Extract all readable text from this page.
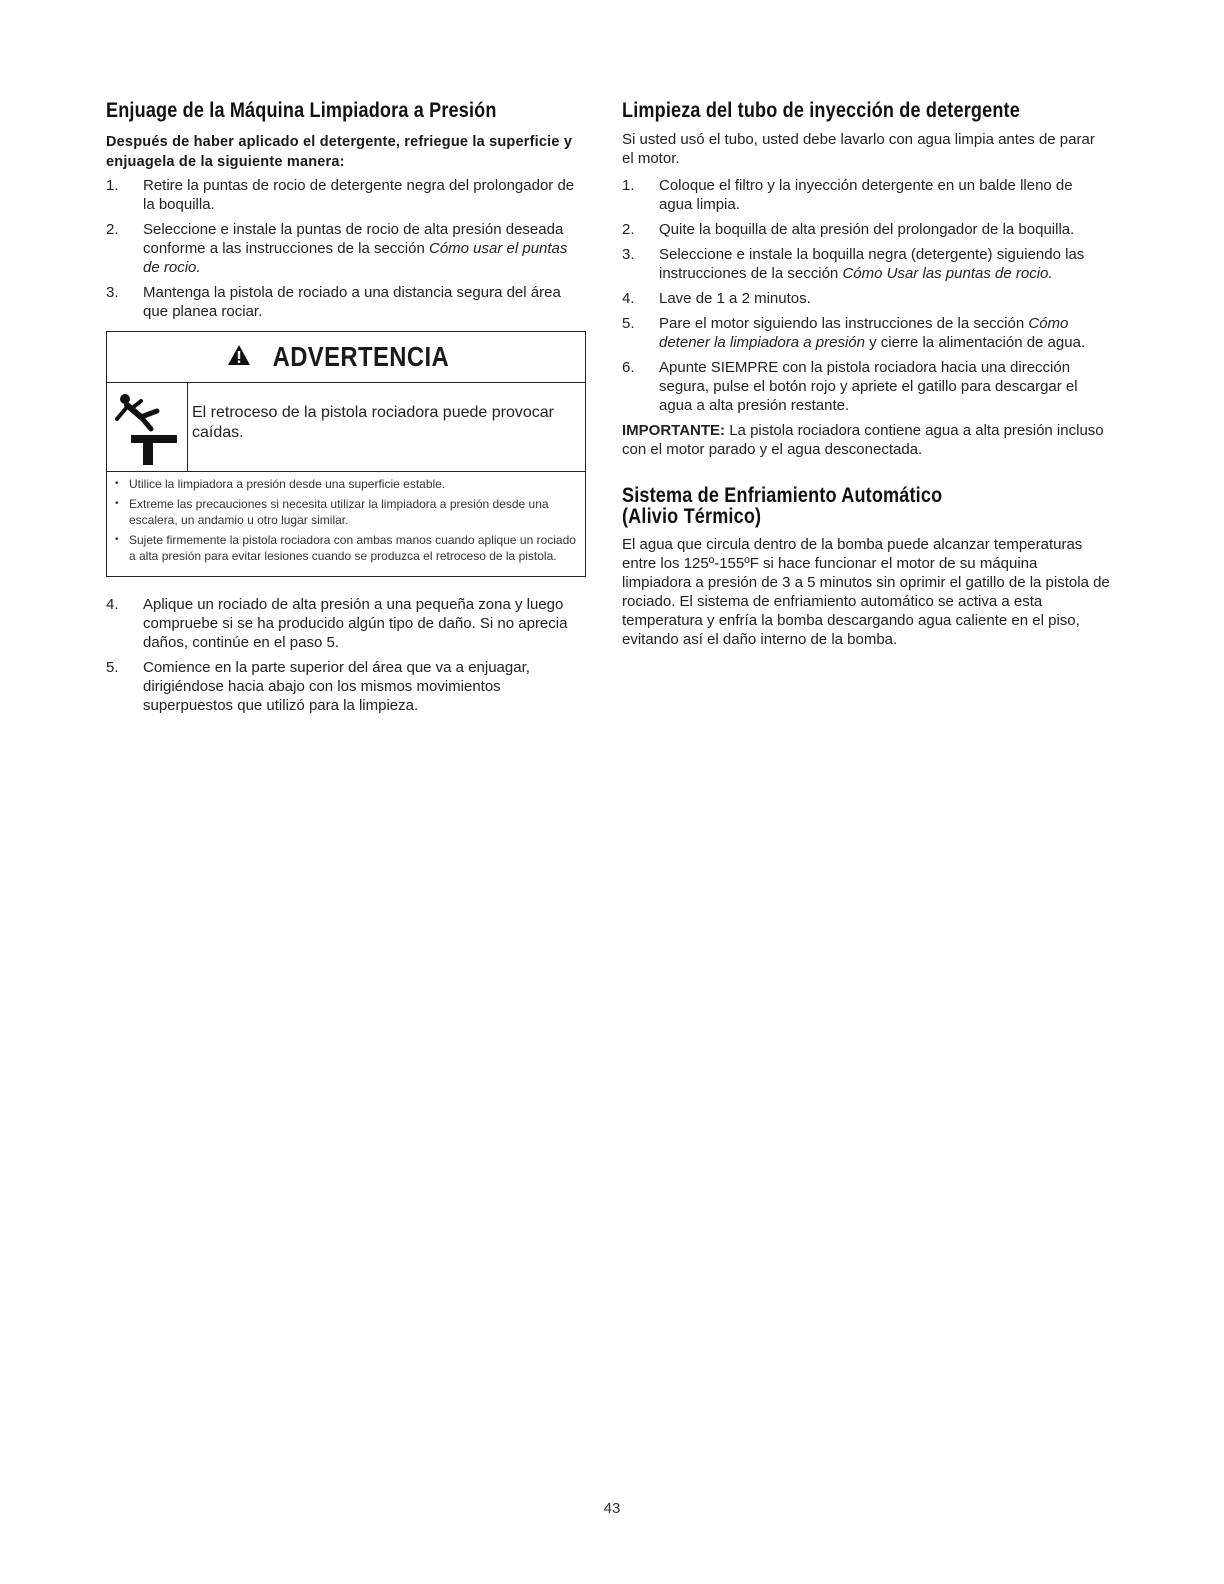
Enjuage de la Máquina Limpiadora a Presión
Después de haber aplicado el detergente, refriegue la superficie y enjuagela de la siguiente manera:
1.	Retire la puntas de rocio de detergente negra del prolongador de la boquilla.
2.	Seleccione e instale la puntas de rocio de alta presión deseada conforme a las instrucciones de la sección Cómo usar el puntas de rocio.
3.	Mantenga la pistola de rociado a una distancia segura del área que planea rociar.
ADVERTENCIA
El retroceso de la pistola rociadora puede provocar caídas.
• Utilice la limpiadora a presión desde una superficie estable.
• Extreme las precauciones si necesita utilizar la limpiadora a presión desde una escalera, un andamio u otro lugar similar.
• Sujete firmemente la pistola rociadora con ambas manos cuando aplique un rociado a alta presión para evitar lesiones cuando se produzca el retroceso de la pistola.
4.	Aplique un rociado de alta presión a una pequeña zona y luego compruebe si se ha producido algún tipo de daño. Si no aprecia daños, continúe en el paso 5.
5.	Comience en la parte superior del área que va a enjuagar, dirigiéndose hacia abajo con los mismos movimientos superpuestos que utilizó para la limpieza.
Limpieza del tubo de inyección de detergente

Si usted usó el tubo, usted debe lavarlo con agua limpia antes de parar el motor.

1.	Coloque el filtro y la inyección detergente en un balde lleno de agua limpia.
2.	Quite la boquilla de alta presión del prolongador de la boquilla.
3.	Seleccione e instale la boquilla negra (detergente) siguiendo las instrucciones de la sección Cómo Usar las puntas de rocio.
4.	Lave de 1 a 2 minutos.
5.	Pare el motor siguiendo las instrucciones de la sección Cómo detener la limpiadora a presión y cierre la alimentación de agua.
6.	Apunte SIEMPRE con la pistola rociadora hacia una dirección segura, pulse el botón rojo y apriete el gatillo para descargar el agua a alta presión restante.

IMPORTANTE: La pistola rociadora contiene agua a alta presión incluso con el motor parado y el agua desconectada.

Sistema de Enfriamiento Automático
(Alivio Térmico)

El agua que circula dentro de la bomba puede alcanzar temperaturas entre los 125º-155ºF si hace funcionar el motor de su máquina limpiadora a presión de 3 a 5 minutos sin oprimir el gatillo de la pistola de rociado. El sistema de enfriamiento automático se activa a esta temperatura y enfría la bomba descargando agua caliente en el piso, evitando así el daño interno de la bomba.

43
